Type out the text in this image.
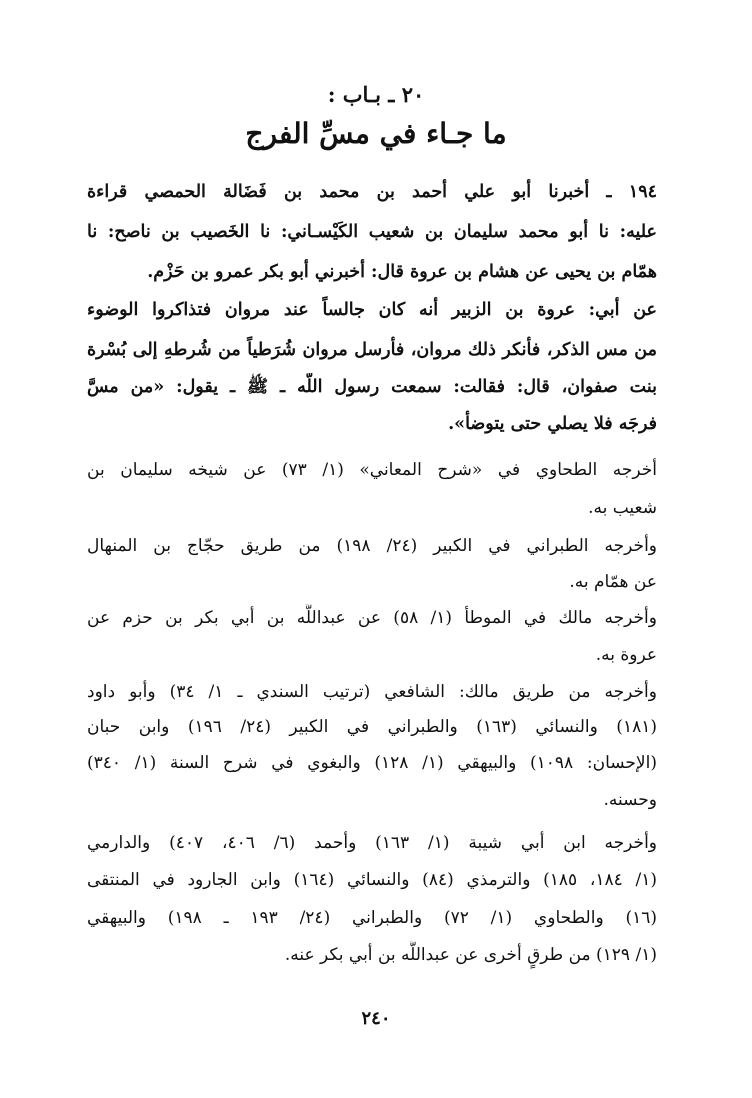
٢٠ ـ بـاب :
ما جـاء في مسِّ الفرج
١٩٤ ـ أخبرنا أبو علي أحمد بن محمد بن فَضَالة الحمصي قراءة
عليه: نا أبو محمد سليمان بن شعيب الكَيْسـاني: نا الخَصيب بن ناصح: نا
همّام بن يحيى عن هشام بن عروة قال: أخبرني أبو بكر عمرو بن حَزْم.
عن أبي: عروة بن الزبير أنه كان جالساً عند مروان فتذاكروا الوضوء
من مس الذكر، فأنكر ذلك مروان، فأرسل مروان شُرَطياً من شُرطهِ إلى بُسْرة
بنت صفوان، قال: فقالت: سمعت رسول اللَّه ـ ﷺ ـ يقول: «من مسَّ
فرجَه فلا يصلي حتى يتوضأ».
أخرجه الطحاوي في «شرح المعاني» (١/ ٧٣) عن شيخه سليمان بن
شعيب به.
وأخرجه الطبراني في الكبير (٢٤/ ١٩٨) من طريق حجّاج بن المنهال
عن همّام به.
وأخرجه مالك في الموطأ (١/ ٥٨) عن عبداللَّه بن أبي بكر بن حزم عن
عروة به.
وأخرجه من طريق مالك: الشافعي (ترتيب السندي ـ ١/ ٣٤) وأبو داود
(١٨١) والنسائي (١٦٣) والطبراني في الكبير (٢٤/ ١٩٦) وابن حبان
(الإحسان: ١٠٩٨) والبيهقي (١/ ١٢٨) والبغوي في شرح السنة (١/ ٣٤٠)
وحسنه.
وأخرجه ابن أبي شيبة (١/ ١٦٣) وأحمد (٦/ ٤٠٦، ٤٠٧) والدارمي
(١/ ١٨٤، ١٨٥) والترمذي (٨٤) والنسائي (١٦٤) وابن الجارود في المنتقى
(١٦) والطحاوي (١/ ٧٢) والطبراني (٢٤/ ١٩٣ ـ ١٩٨) والبيهقي
(١/ ١٢٩) من طرقٍ أخرى عن عبداللَّه بن أبي بكر عنه.
٢٤٠
